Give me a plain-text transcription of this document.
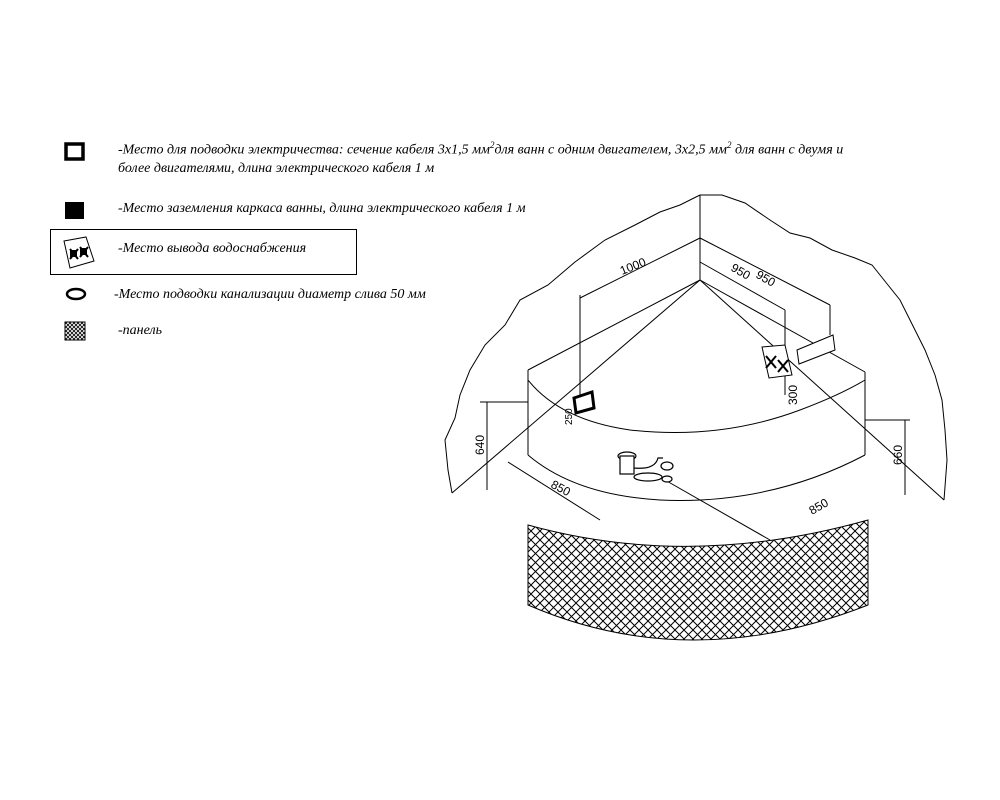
-Место для подводки электричества: сечение кабеля 3х1,5 $мм^2для$ ванн с одним двигателем, 3х2,5 $мм^2$ для ванн с двумя и
более двигателями, длина электрического кабеля 1 м
-Место заземления каркаса ванны, длина электрического кабеля 1 м
-Место вывода водоснабжения
-Место подводки канализации диаметр слива 50 мм
-панель
1000
950
950
640	660
250
300
850
850
